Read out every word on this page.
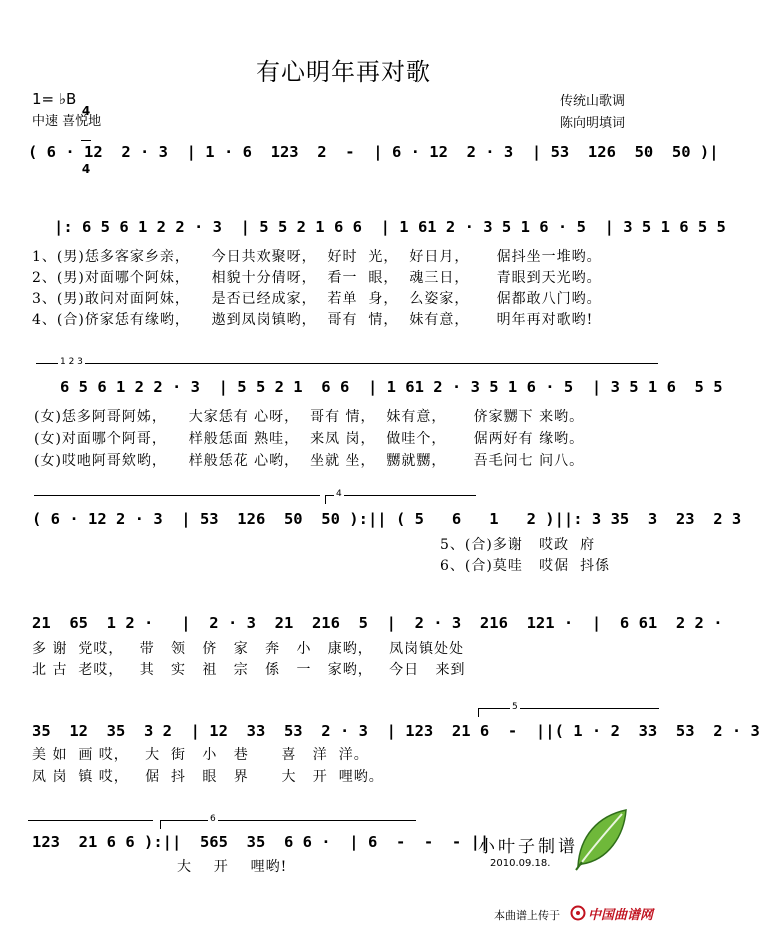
有心明年再对歌
1= ♭B

4

4

中速 喜悦地
传统山歌调
陈向明填词
( 6 · 12  2 · 3  | 1 · 6  123  2  -  | 6 · 12  2 · 3  | 53  126  50  50 )|
|: 6 5 6 1 2 2 · 3  | 5 5 2 1 6 6  | 1 61 2 · 3 5 1 6 · 5  | 3 5 1 6 5 5
1、(男)恁多客家乡亲，    今日共欢聚呀，  好时  光，  好日月，     倨抖坐一堆哟。
2、(男)对面哪个阿妹，    相貌十分倩呀，  看一  眼，  魂三日，     青眼到天光哟。
3、(男)敢问对面阿妹，    是否已经成家，  若单  身，  么姿家，     倨都敢八门哟。
4、(合)侪家恁有缘哟，    遨到凤岗镇哟，  哥有  情，  妹有意，     明年再对歌哟!
1 2 3
6 5 6 1 2 2 · 3  | 5 5 2 1  6 6  | 1 61 2 · 3 5 1 6 · 5  | 3 5 1 6  5 5
(女)恁多阿哥阿姊，    大家恁有 心呀，  哥有 情，  妹有意，     侪家嬲下 来哟。
(女)对面哪个阿哥，    样般恁面 熟哇，  来凤 岗，  做哇个，     倨两好有 缘哟。
(女)哎吔阿哥欸哟，    样般恁花 心哟，  坐就 坐，  嬲就嬲，     吾毛问七 问八。
4
( 6 · 12 2 · 3  | 53  126  50  50 ):|| ( 5   6   1   2 )||: 3 35  3  23  2 3
5、(合)多谢   哎政  府
6、(合)莫哇   哎倨  抖係
21  65  1 2 ·   |  2 · 3  21  216  5  |  2 · 3  216  121 ·  |  6 61  2 2 ·
多 谢  党哎，   带   领   侪   家   奔   小   康哟，   凤岗镇处处
北 古  老哎，   其   实   祖   宗   係   一   家哟，   今日   来到
5
35  12  35  3 2  | 12  33  53  2 · 3  | 123  21 6  -  ||( 1 · 2  33  53  2 · 3
美 如  画 哎，   大  街   小   巷      喜   洋  洋。
凤 岗  镇 哎，   倨  抖   眼   界      大   开  哩哟。
6
123  21 6 6 ):||  565  35  6 6 ·  | 6  -  -  - ||
大    开    哩哟!
小叶子制谱
2010.09.18.
本曲谱上传于 中国曲谱网
